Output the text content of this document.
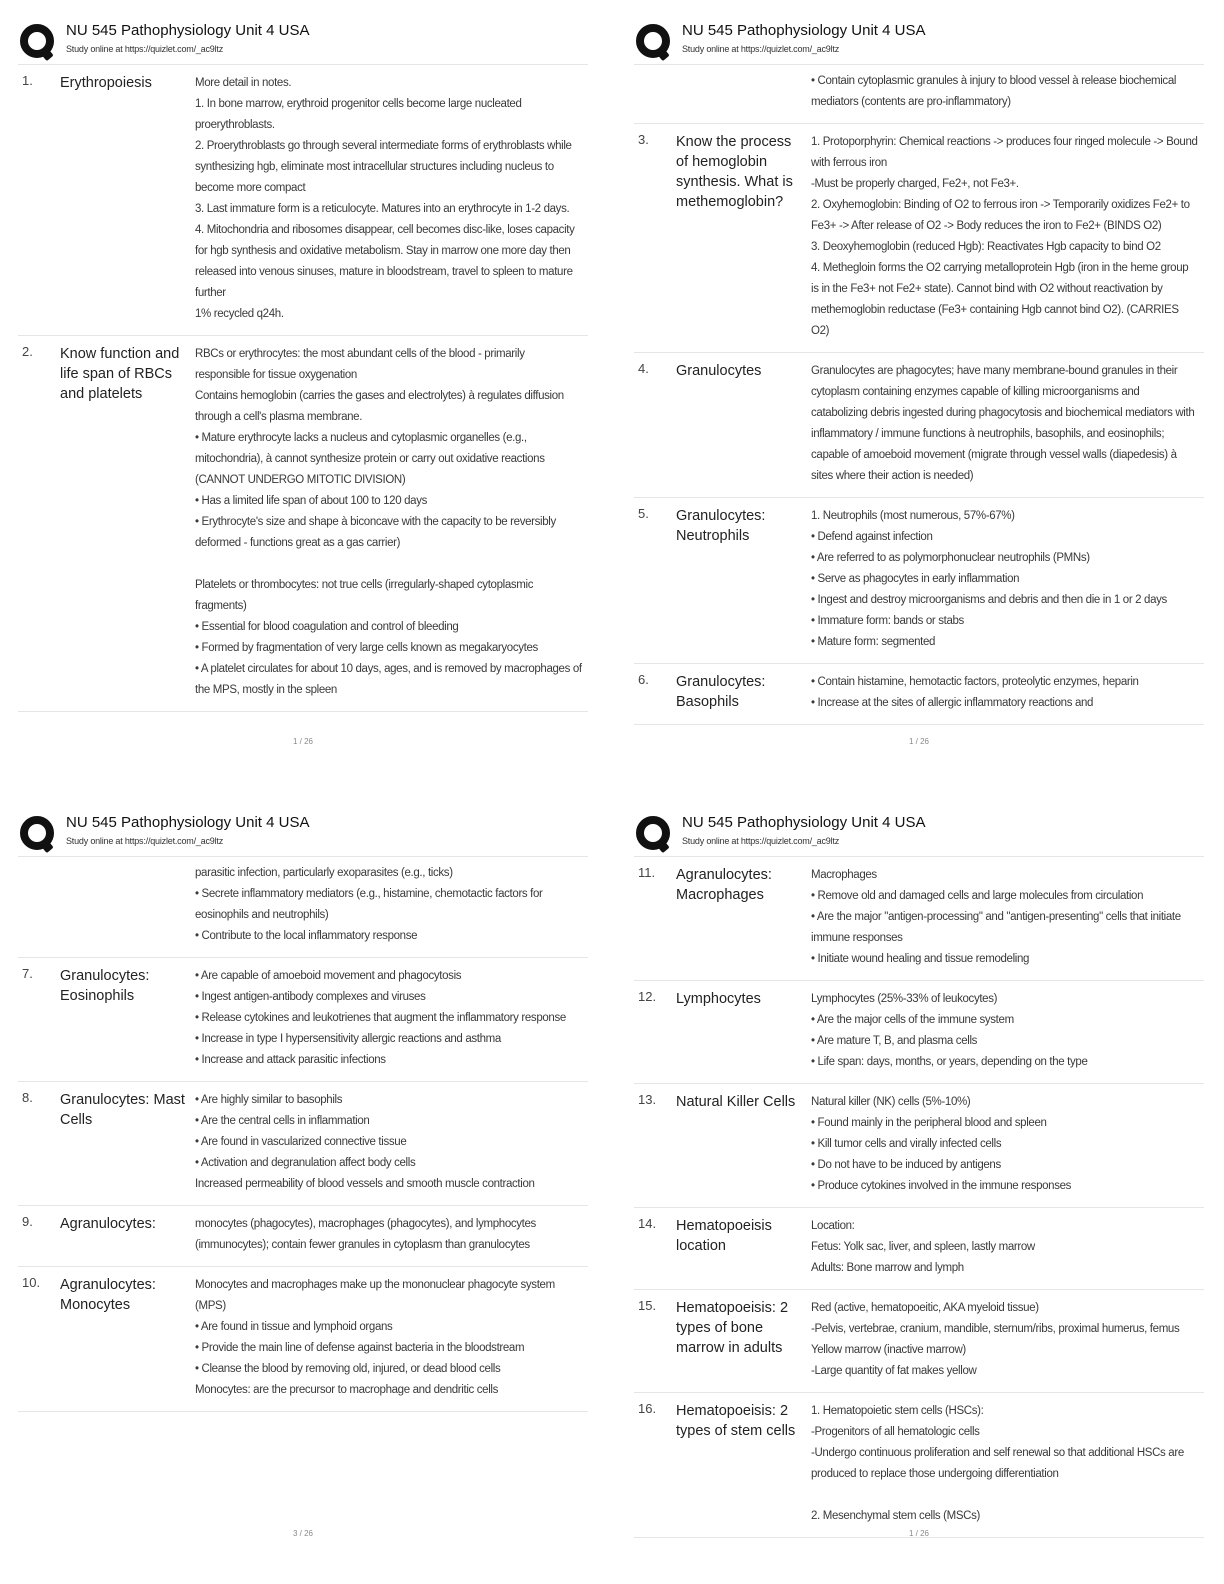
NU 545 Pathophysiology Unit 4 USA
Study online at https://quizlet.com/_ac9ltz
1.	Erythropoiesis	More detail in notes.
1. In bone marrow, erythroid progenitor cells become large nucleated proerythroblasts.
2. Proerythroblasts go through several intermediate forms of erythroblasts while synthesizing hgb, eliminate most intracellular structures including nucleus to become more compact
3. Last immature form is a reticulocyte. Matures into an erythrocyte in 1-2 days.
4. Mitochondria and ribosomes disappear, cell becomes disc-like, loses capacity for hgb synthesis and oxidative metabolism. Stay in marrow one more day then released into venous sinuses, mature in bloodstream, travel to spleen to mature further
1% recycled q24h.
2.	Know function and life span of RBCs and platelets
RBCs or erythrocytes: the most abundant cells of the blood - primarily responsible for tissue oxygenation
Contains hemoglobin (carries the gases and electrolytes) à regulates diffusion through a cell's plasma membrane.
• Mature erythrocyte lacks a nucleus and cytoplasmic organelles (e.g., mitochondria), à cannot synthesize protein or carry out oxidative reactions (CANNOT UNDERGO MITOTIC DIVISION)
• Has a limited life span of about 100 to 120 days
• Erythrocyte's size and shape à biconcave with the capacity to be reversibly deformed - functions great as a gas carrier)
Platelets or thrombocytes: not true cells (irregularly-shaped cytoplasmic fragments)
• Essential for blood coagulation and control of bleeding
• Formed by fragmentation of very large cells known as megakaryocytes
• A platelet circulates for about 10 days, ages, and is removed by macrophages of the MPS, mostly in the spleen
1 / 26
NU 545 Pathophysiology Unit 4 USA
Study online at https://quizlet.com/_ac9ltz
• Contain cytoplasmic granules à injury to blood vessel à release biochemical mediators (contents are pro-inflammatory)
3.	Know the process of hemoglobin synthesis. What is methemoglobin?
1. Protoporphyrin: Chemical reactions -> produces four ringed molecule -> Bound with ferrous iron
-Must be properly charged, Fe2+, not Fe3+.
2. Oxyhemoglobin: Binding of O2 to ferrous iron -> Temporarily oxidizes Fe2+ to Fe3+ -> After release of O2 -> Body reduces the iron to Fe2+ (BINDS O2)
3. Deoxyhemoglobin (reduced Hgb): Reactivates Hgb capacity to bind O2
4. Methegloin forms the O2 carrying metalloprotein Hgb (iron in the heme group is in the Fe3+ not Fe2+ state). Cannot bind with O2 without reactivation by methemoglobin reductase (Fe3+ containing Hgb cannot bind O2). (CARRIES O2)
4.	Granulocytes	Granulocytes are phagocytes; have many membrane-bound granules in their cytoplasm containing enzymes capable of killing microorganisms and catabolizing debris ingested during phagocytosis and biochemical mediators with inflammatory / immune functions à neutrophils, basophils, and eosinophils; capable of amoeboid movement (migrate through vessel walls (diapedesis) à sites where their action is needed)
5.	Granulocytes: Neutrophils
1. Neutrophils (most numerous, 57%-67%)
• Defend against infection
• Are referred to as polymorphonuclear neutrophils (PMNs)
• Serve as phagocytes in early inflammation
• Ingest and destroy microorganisms and debris and then die in 1 or 2 days
• Immature form: bands or stabs
• Mature form: segmented
6.	Granulocytes: Basophils
• Contain histamine, hemotactic factors, proteolytic enzymes, heparin
• Increase at the sites of allergic inflammatory reactions and
1 / 26
NU 545 Pathophysiology Unit 4 USA
Study online at https://quizlet.com/_ac9ltz
parasitic infection, particularly exoparasites (e.g., ticks)
• Secrete inflammatory mediators (e.g., histamine, chemotactic factors for eosinophils and neutrophils)
• Contribute to the local inflammatory response
7.	Granulocytes: Eosinophils
• Are capable of amoeboid movement and phagocytosis
• Ingest antigen-antibody complexes and viruses
• Release cytokines and leukotrienes that augment the inflammatory response
• Increase in type I hypersensitivity allergic reactions and asthma
• Increase and attack parasitic infections
8.	Granulocytes: Mast Cells
• Are highly similar to basophils
• Are the central cells in inflammation
• Are found in vascularized connective tissue
• Activation and degranulation affect body cells
Increased permeability of blood vessels and smooth muscle contraction
9.	Agranulocytes:	monocytes (phagocytes), macrophages (phagocytes), and lymphocytes (immunocytes); contain fewer granules in cytoplasm than granulocytes
10.	Agranulocytes: Monocytes
Monocytes and macrophages make up the mononuclear phagocyte system (MPS)
• Are found in tissue and lymphoid organs
• Provide the main line of defense against bacteria in the bloodstream
• Cleanse the blood by removing old, injured, or dead blood cells
Monocytes: are the precursor to macrophage and dendritic cells
3 / 26
NU 545 Pathophysiology Unit 4 USA
Study online at https://quizlet.com/_ac9ltz
11.	Agranulocytes: Macrophages
Macrophages
• Remove old and damaged cells and large molecules from circulation
• Are the major "antigen-processing" and "antigen-presenting" cells that initiate immune responses
• Initiate wound healing and tissue remodeling
12.	Lymphocytes	Lymphocytes (25%-33% of leukocytes)
• Are the major cells of the immune system
• Are mature T, B, and plasma cells
• Life span: days, months, or years, depending on the type
13.	Natural Killer Cells	Natural killer (NK) cells (5%-10%)
• Found mainly in the peripheral blood and spleen
• Kill tumor cells and virally infected cells
• Do not have to be induced by antigens
• Produce cytokines involved in the immune responses
14.	Hematopoeisis location
Location:
Fetus: Yolk sac, liver, and spleen, lastly marrow
Adults: Bone marrow and lymph
15.	Hematopoeisis: 2 types of bone marrow in adults
Red (active, hematopoeitic, AKA myeloid tissue)
-Pelvis, vertebrae, cranium, mandible, sternum/ribs, proximal humerus, femus
Yellow marrow (inactive marrow)
-Large quantity of fat makes yellow
16.	Hematopoeisis: 2 types of stem cells
1. Hematopoietic stem cells (HSCs):
-Progenitors of all hematologic cells
-Undergo continuous proliferation and self renewal so that additional HSCs are produced to replace those undergoing differentiation
2. Mesenchymal stem cells (MSCs)
1 / 26
